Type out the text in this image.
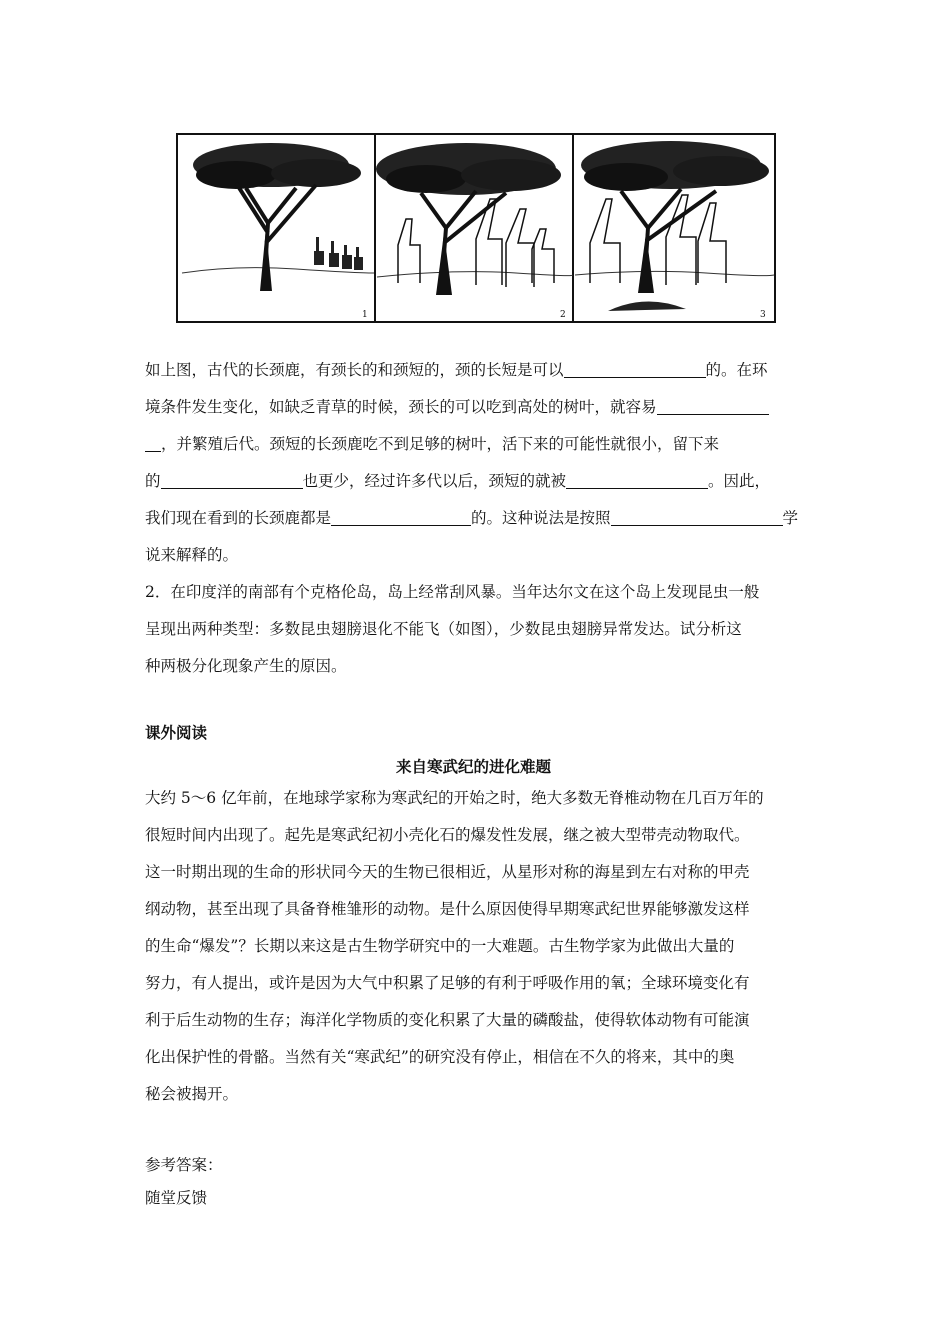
1	2	3

如上图，古代的长颈鹿，有颈长的和颈短的，颈的长短是可以	的。在环

境条件发生变化，如缺乏青草的时候，颈长的可以吃到高处的树叶，就容易

，并繁殖后代。颈短的长颈鹿吃不到足够的树叶，活下来的可能性就很小，留下来

的	也更少，经过许多代以后，颈短的就被	。因此，

我们现在看到的长颈鹿都是	的。这种说法是按照	学

说来解释的。

2．在印度洋的南部有个克格伦岛，岛上经常刮风暴。当年达尔文在这个岛上发现昆虫一般

呈现出两种类型：多数昆虫翅膀退化不能飞（如图），少数昆虫翅膀异常发达。试分析这

种两极分化现象产生的原因。

课外阅读
来自寒武纪的进化难题

大约 5～6 亿年前，在地球学家称为寒武纪的开始之时，绝大多数无脊椎动物在几百万年的

很短时间内出现了。起先是寒武纪初小壳化石的爆发性发展，继之被大型带壳动物取代。

这一时期出现的生命的形状同今天的生物已很相近，从星形对称的海星到左右对称的甲壳

纲动物，甚至出现了具备脊椎雏形的动物。是什么原因使得早期寒武纪世界能够激发这样

的生命“爆发”？长期以来这是古生物学研究中的一大难题。古生物学家为此做出大量的

努力，有人提出，或许是因为大气中积累了足够的有利于呼吸作用的氧；全球环境变化有

利于后生动物的生存；海洋化学物质的变化积累了大量的磷酸盐，使得软体动物有可能演

化出保护性的骨骼。当然有关“寒武纪”的研究没有停止，相信在不久的将来，其中的奥

秘会被揭开。

参考答案：
随堂反馈
